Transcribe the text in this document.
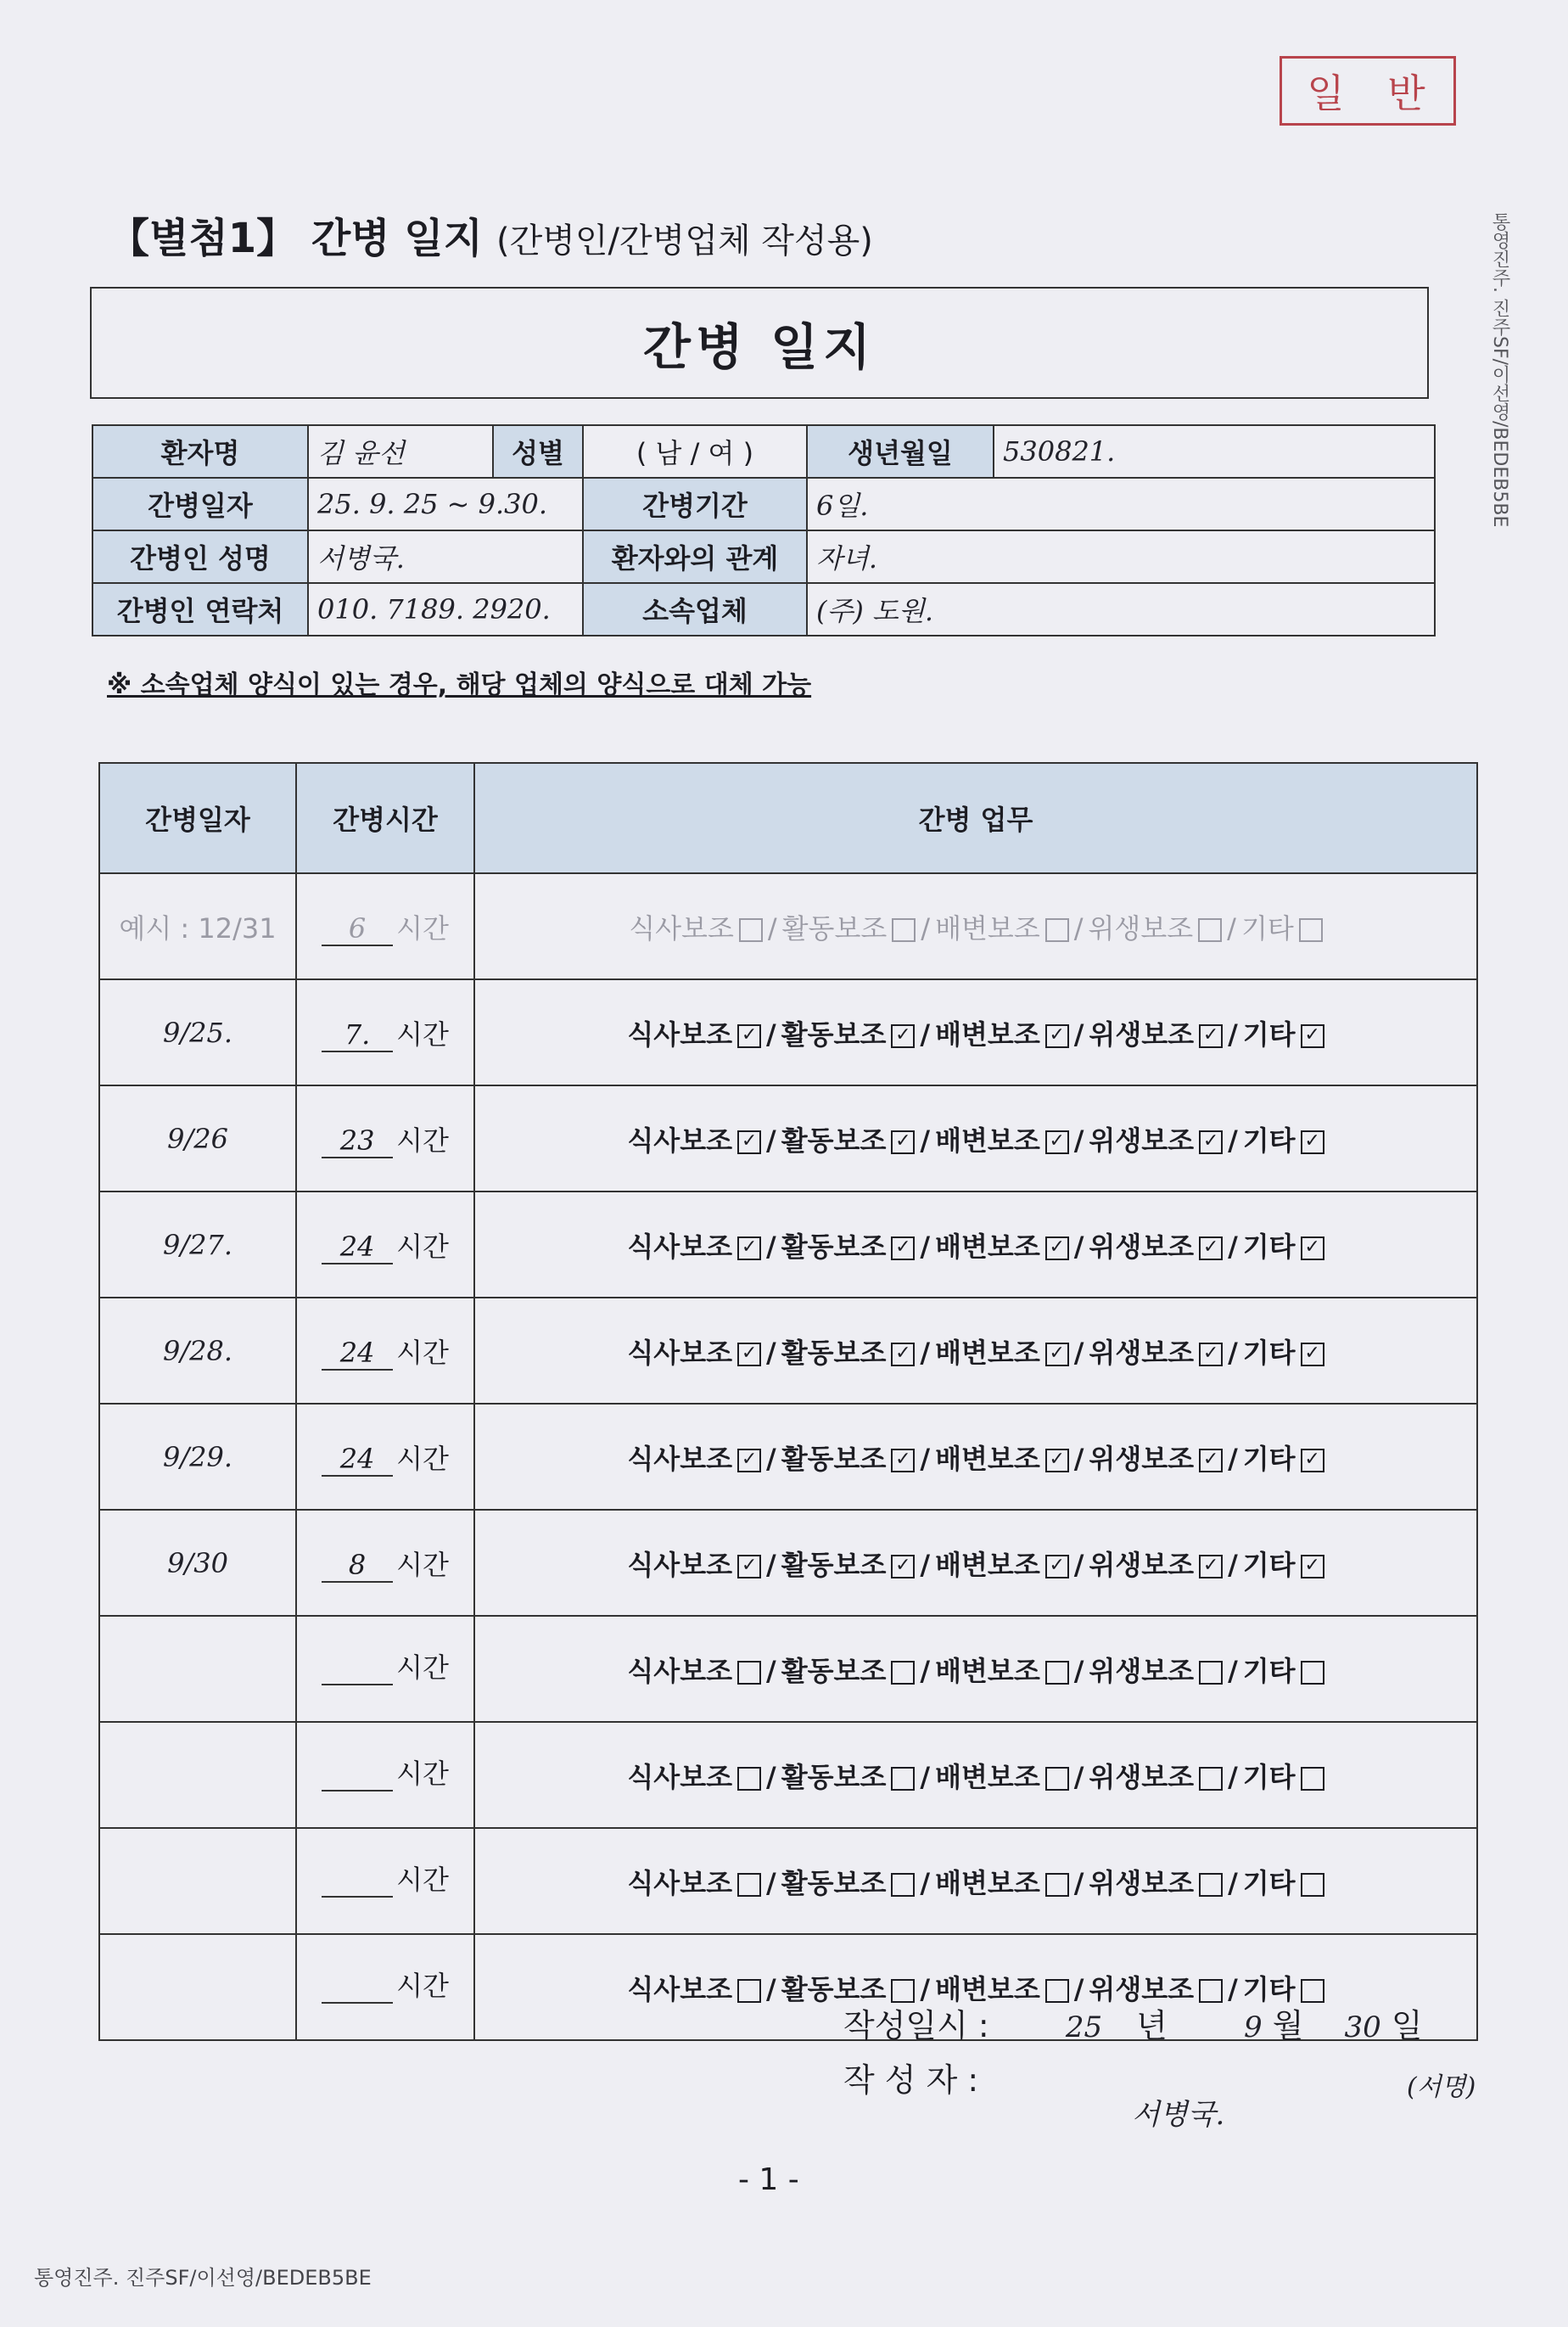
일 반
【별첨1】 간병 일지 (간병인/간병업체 작성용)	통영진주. 진주SF/이선영/BEDEB5BE
간병 일지
환자명	김 윤선	성별	( 남 / 여 )	생년월일	530821.
간병일자	25. 9. 25 ~ 9.30.		간병기간	6일.	
간병인 성명	서병국.		환자와의 관계	자녀.	
간병인 연락처	010. 7189. 2920.		소속업체	(주) 도원.	
※ 소속업체 양식이 있는 경우, 해당 업체의 양식으로 대체 가능
간병일자	간병시간	간병 업무
예시 : 12/31	6 시간	식사보조 / 활동보조 / 배변보조 / 위생보조 / 기타
9/25.	7. 시간	식사보조 ✓ / 활동보조 ✓ / 배변보조 ✓ / 위생보조 ✓ / 기타 ✓
9/26	23 시간	식사보조 ✓ / 활동보조 ✓ / 배변보조 ✓ / 위생보조 ✓ / 기타 ✓
9/27.	24 시간	식사보조 ✓ / 활동보조 ✓ / 배변보조 ✓ / 위생보조 ✓ / 기타 ✓
9/28.	24 시간	식사보조 ✓ / 활동보조 ✓ / 배변보조 ✓ / 위생보조 ✓ / 기타 ✓
9/29.	24 시간	식사보조 ✓ / 활동보조 ✓ / 배변보조 ✓ / 위생보조 ✓ / 기타 ✓
9/30	8 시간	식사보조 ✓ / 활동보조 ✓ / 배변보조 ✓ / 위생보조 ✓ / 기타 ✓

	시간	식사보조 / 활동보조 / 배변보조 / 위생보조 / 기타

	시간	식사보조 / 활동보조 / 배변보조 / 위생보조 / 기타

	시간	식사보조 / 활동보조 / 배변보조 / 위생보조 / 기타

	시간	식사보조 / 활동보조 / 배변보조 / 위생보조 / 기타
작성일시 :	25 년	9 월 30 일
작 성 자 :
서병국.
(서명)
- 1 -
통영진주. 진주SF/이선영/BEDEB5BE
